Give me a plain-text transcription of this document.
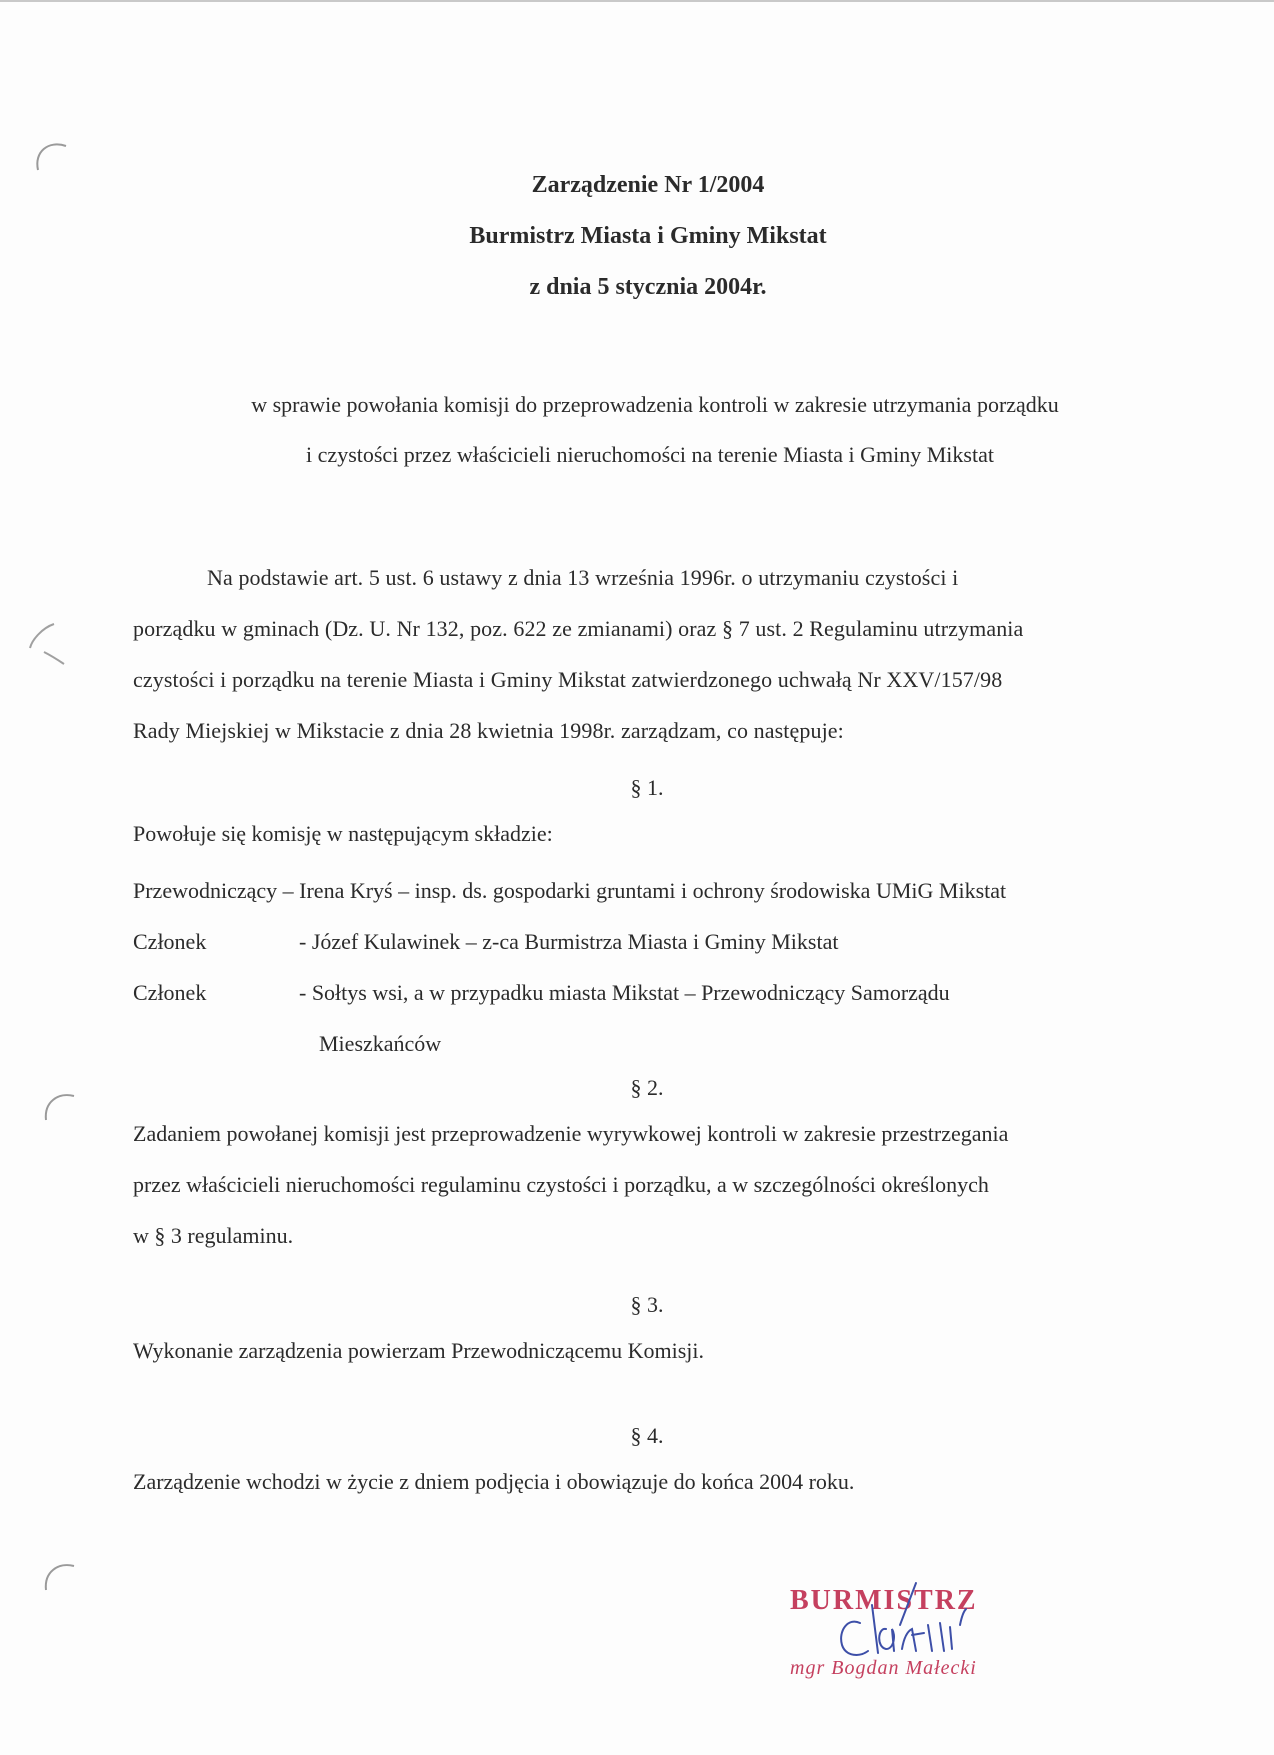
Zarządzenie Nr 1/2004
Burmistrz Miasta i Gminy Mikstat
z dnia 5 stycznia 2004r.
w sprawie powołania komisji do przeprowadzenia kontroli w zakresie utrzymania porządku
i czystości przez właścicieli nieruchomości na terenie Miasta i Gminy Mikstat
Na podstawie art. 5 ust. 6 ustawy z dnia 13 września 1996r. o utrzymaniu czystości i
porządku w gminach (Dz. U. Nr 132, poz. 622 ze zmianami) oraz § 7 ust. 2 Regulaminu utrzymania
czystości i porządku na terenie Miasta i Gminy Mikstat zatwierdzonego uchwałą Nr XXV/157/98
Rady Miejskiej w Mikstacie z dnia 28 kwietnia 1998r. zarządzam, co następuje:
§ 1.
Powołuje się komisję w następującym składzie:
Przewodniczący – Irena Kryś – insp. ds. gospodarki gruntami i ochrony środowiska UMiG Mikstat
Członek	- Józef Kulawinek – z-ca Burmistrza Miasta i Gminy Mikstat
Członek	- Sołtys wsi, a w przypadku miasta Mikstat – Przewodniczący Samorządu
Mieszkańców
§ 2.
Zadaniem powołanej komisji jest przeprowadzenie wyrywkowej kontroli w zakresie przestrzegania
przez właścicieli nieruchomości regulaminu czystości i porządku, a w szczególności określonych
w § 3 regulaminu.
§ 3.
Wykonanie zarządzenia powierzam Przewodniczącemu Komisji.
§ 4.
Zarządzenie wchodzi w życie z dniem podjęcia i obowiązuje do końca 2004 roku.
BURMISTRZ
mgr Bogdan Małecki
